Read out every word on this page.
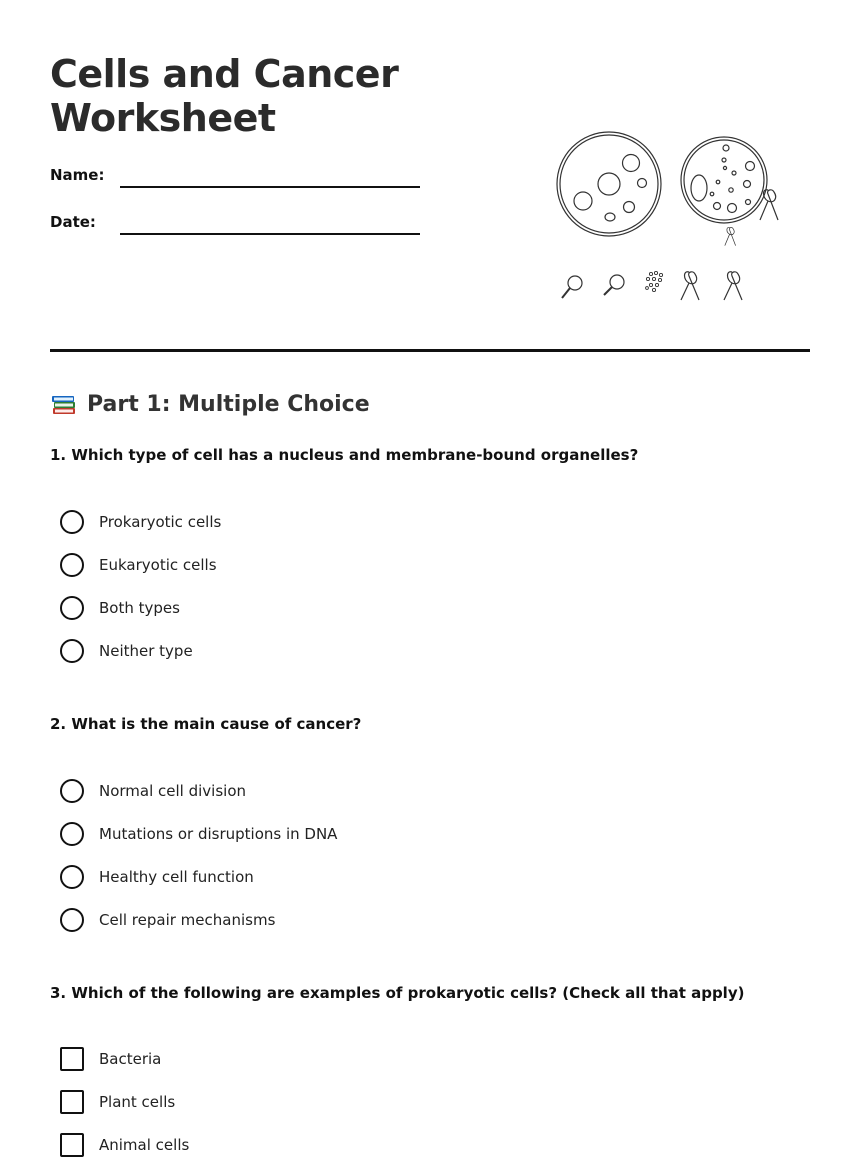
Cells and Cancer
Worksheet
Name:
Date:
Part 1: Multiple Choice
1. Which type of cell has a nucleus and membrane-bound organelles?
Prokaryotic cells
Eukaryotic cells
Both types
Neither type
2. What is the main cause of cancer?
Normal cell division
Mutations or disruptions in DNA
Healthy cell function
Cell repair mechanisms
3. Which of the following are examples of prokaryotic cells? (Check all that apply)
Bacteria
Plant cells
Animal cells
